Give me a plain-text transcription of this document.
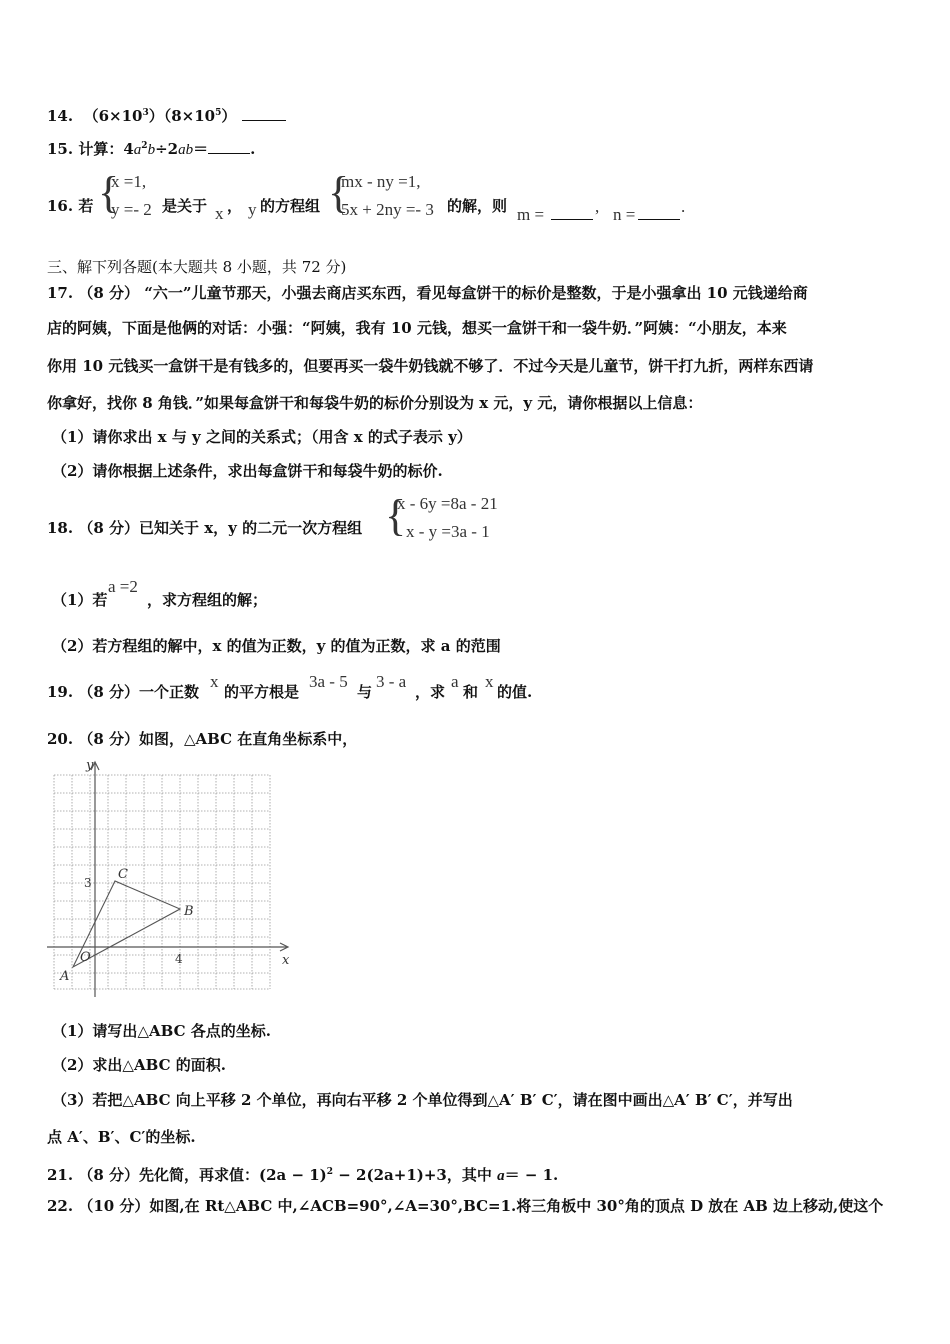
14. $(6\times 10^3)(8\times 10^5)$
15. 计算：$4a^2b\div 2ab=$	.
16. 若 {
x =1,
y =- 2 是关于 x ， y 的方程组 {
mx - ny =1,
5x + 2ny =- 3 的解，则 m =	, n =	.
三、解下列各题(本大题共 8 小题，共 72 分)
17. （8 分） “六一”儿童节那天，小强去商店买东西，看见每盒饼干的标价是整数，于是小强拿出 10 元钱递给商
店的阿姨，下面是他俩的对话：小强：“阿姨，我有 10 元钱，想买一盒饼干和一袋牛奶．”阿姨：“小朋友，本来
你用 10 元钱买一盒饼干是有钱多的，但要再买一袋牛奶钱就不够了．不过今天是儿童节，饼干打九折，两样东西请
你拿好，找你 8 角钱．”如果每盒饼干和每袋牛奶的标价分别设为 x 元，y 元，请你根据以上信息：
（1）请你求出 x 与 y 之间的关系式；（用含 x 的式子表示 y）
（2）请你根据上述条件，求出每盒饼干和每袋牛奶的标价.
18. （8 分）已知关于 x，y 的二元一次方程组 {
x - 6y =8a - 21
x - y =3a - 1
（1）若
a =2
，求方程组的解；
（2）若方程组的解中，x 的值为正数，y 的值为正数，求 a 的范围
19. （8 分）一个正数
x
的平方根是
3a - 5
与
3 - a
，求
a
和
x
的值.
20. （8 分）如图，△ABC 在直角坐标系中，
y
x
3
4
A
B
C
O
（1）请写出△ABC 各点的坐标.
（2）求出△ABC 的面积.
（3）若把△ABC 向上平移 2 个单位，再向右平移 2 个单位得到△A′ B′ C′，请在图中画出△A′ B′ C′，并写出
点 A′、B′、C′的坐标.
21. （8 分）先化简，再求值：$(2a - 1)^2 - 2(2a+1)+3$，其中 a＝ − 1.
22. （10 分）如图,在 Rt△ABC 中,∠ACB=90°,∠A=30°,BC=1.将三角板中 30°角的顶点 D 放在 AB 边上移动,使这个
